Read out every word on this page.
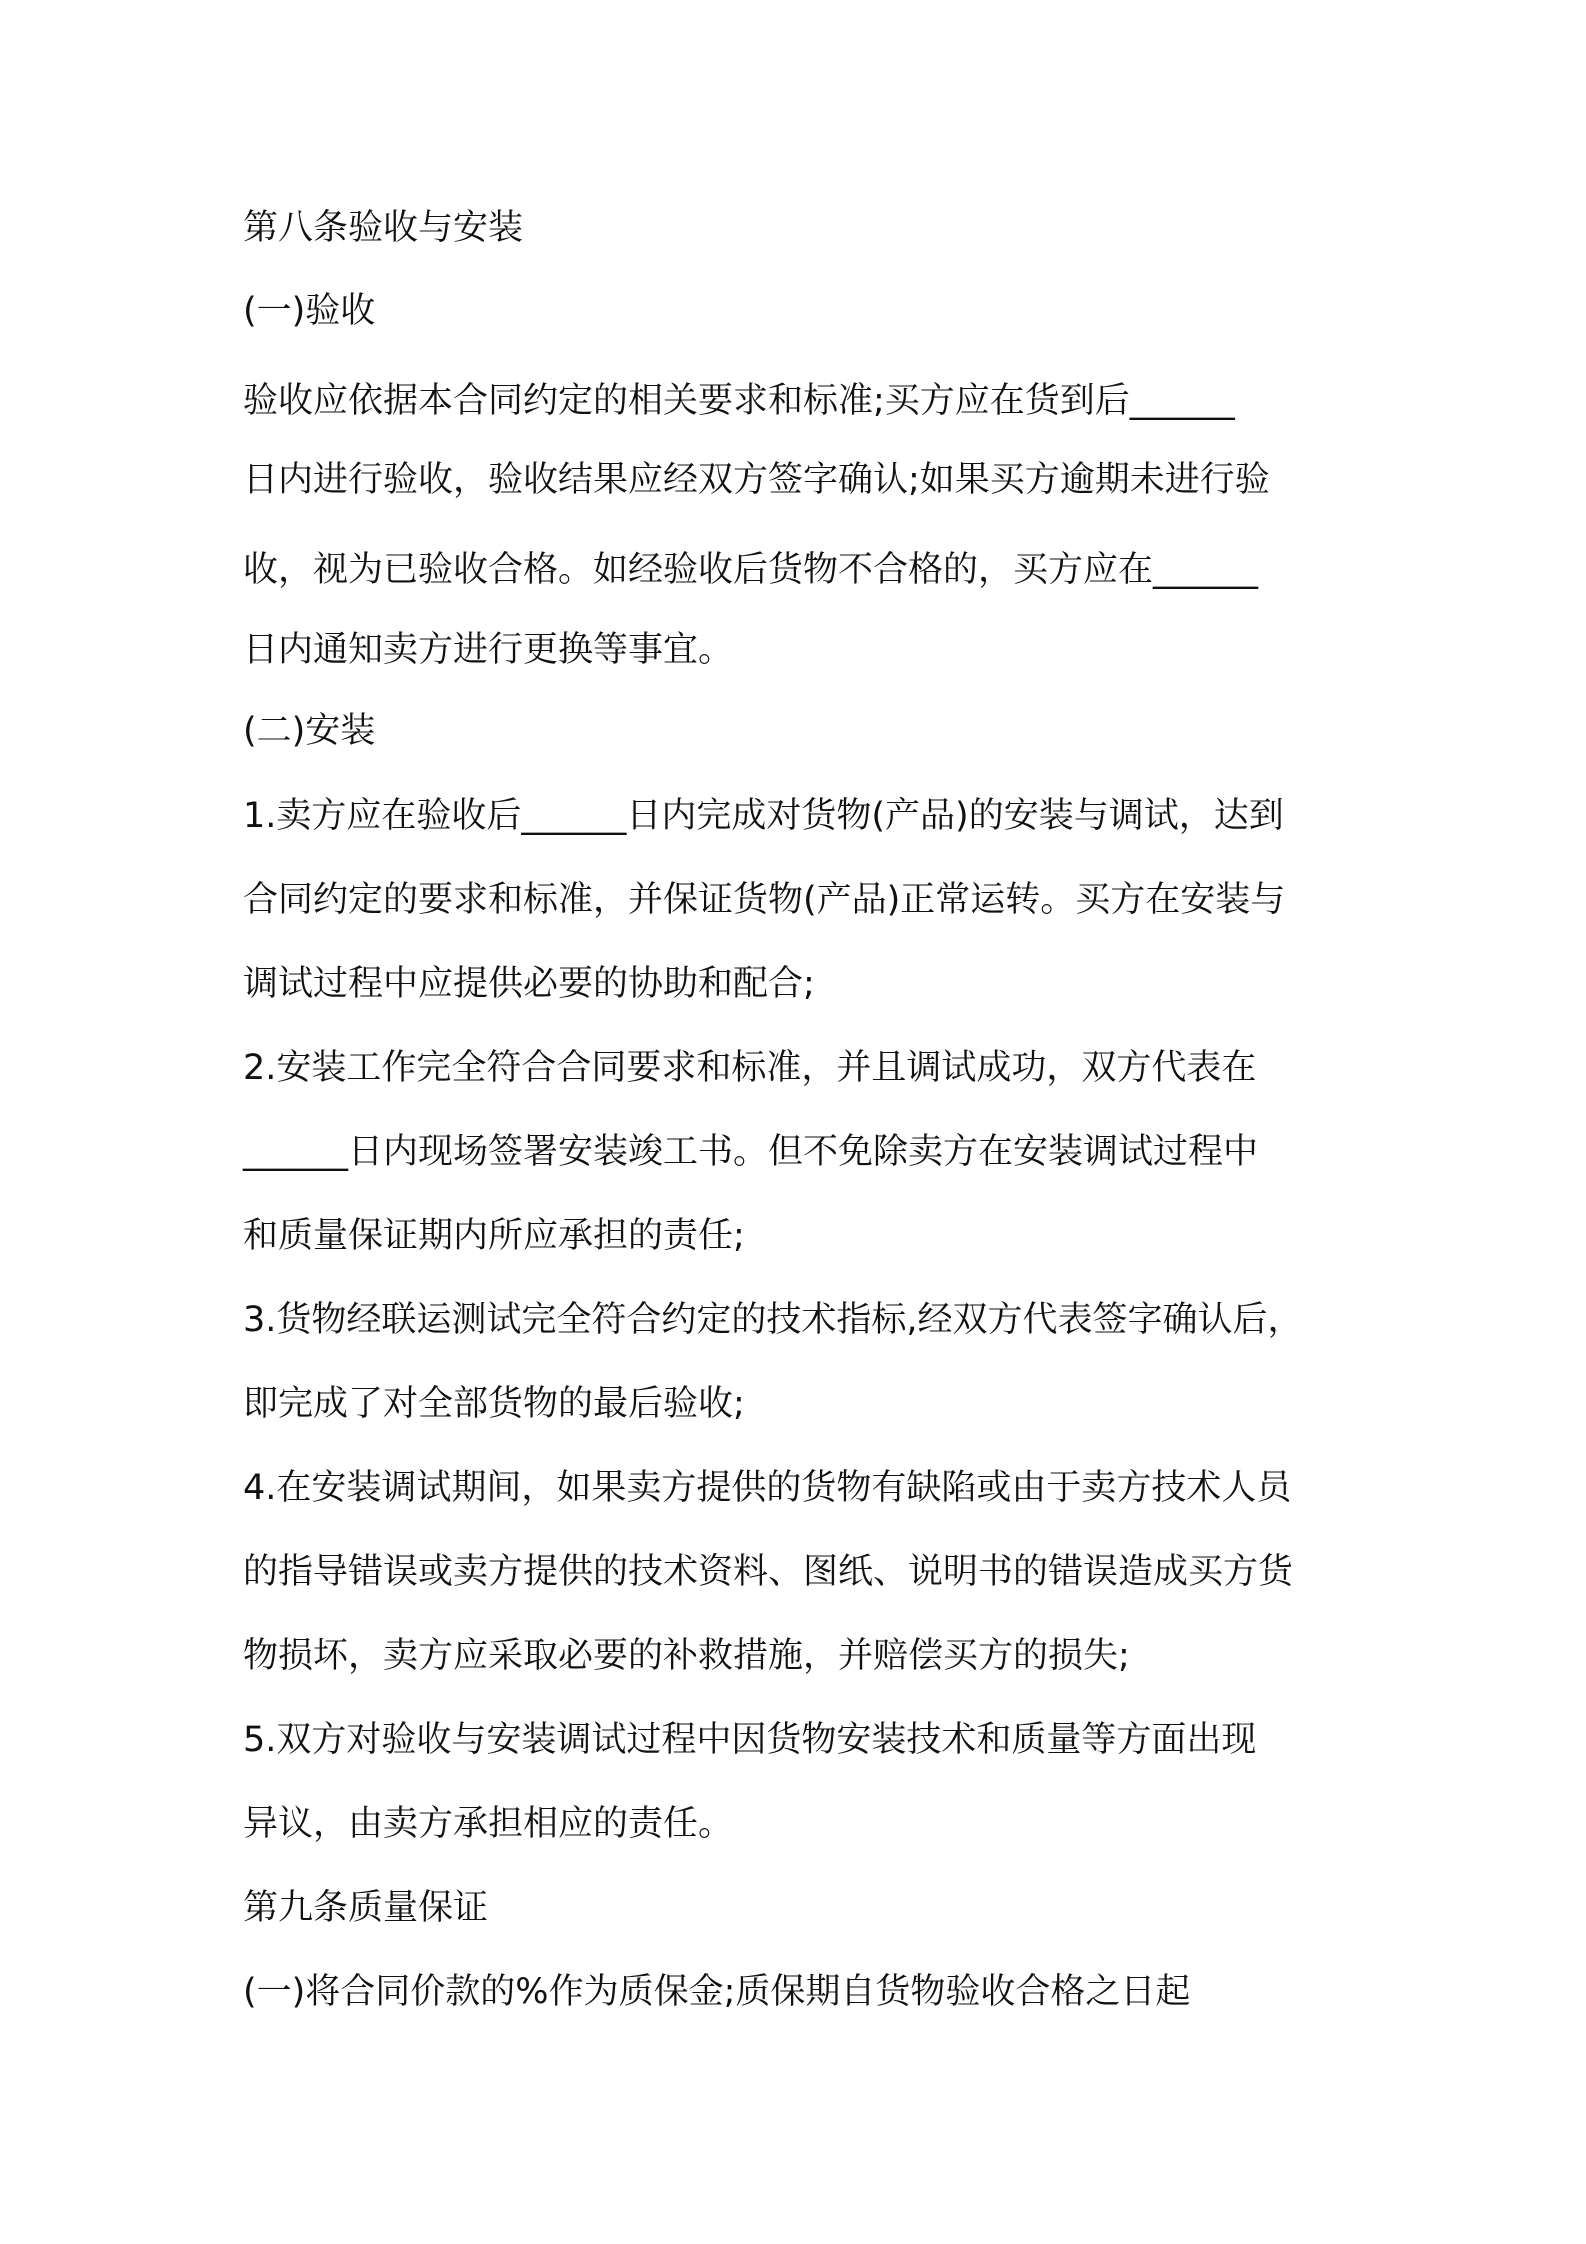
第八条验收与安装

(一)验收

验收应依据本合同约定的相关要求和标准;买方应在货到后______

日内进行验收，验收结果应经双方签字确认;如果买方逾期未进行验

收，视为已验收合格。如经验收后货物不合格的，买方应在______

日内通知卖方进行更换等事宜。

(二)安装

1.卖方应在验收后______日内完成对货物(产品)的安装与调试，达到

合同约定的要求和标准，并保证货物(产品)正常运转。买方在安装与

调试过程中应提供必要的协助和配合;

2.安装工作完全符合合同要求和标准，并且调试成功，双方代表在

______日内现场签署安装竣工书。但不免除卖方在安装调试过程中

和质量保证期内所应承担的责任;

3.货物经联运测试完全符合约定的技术指标,经双方代表签字确认后，

即完成了对全部货物的最后验收;

4.在安装调试期间，如果卖方提供的货物有缺陷或由于卖方技术人员

的指导错误或卖方提供的技术资料、图纸、说明书的错误造成买方货

物损坏，卖方应采取必要的补救措施，并赔偿买方的损失;

5.双方对验收与安装调试过程中因货物安装技术和质量等方面出现

异议，由卖方承担相应的责任。

第九条质量保证

(一)将合同价款的%作为质保金;质保期自货物验收合格之日起
